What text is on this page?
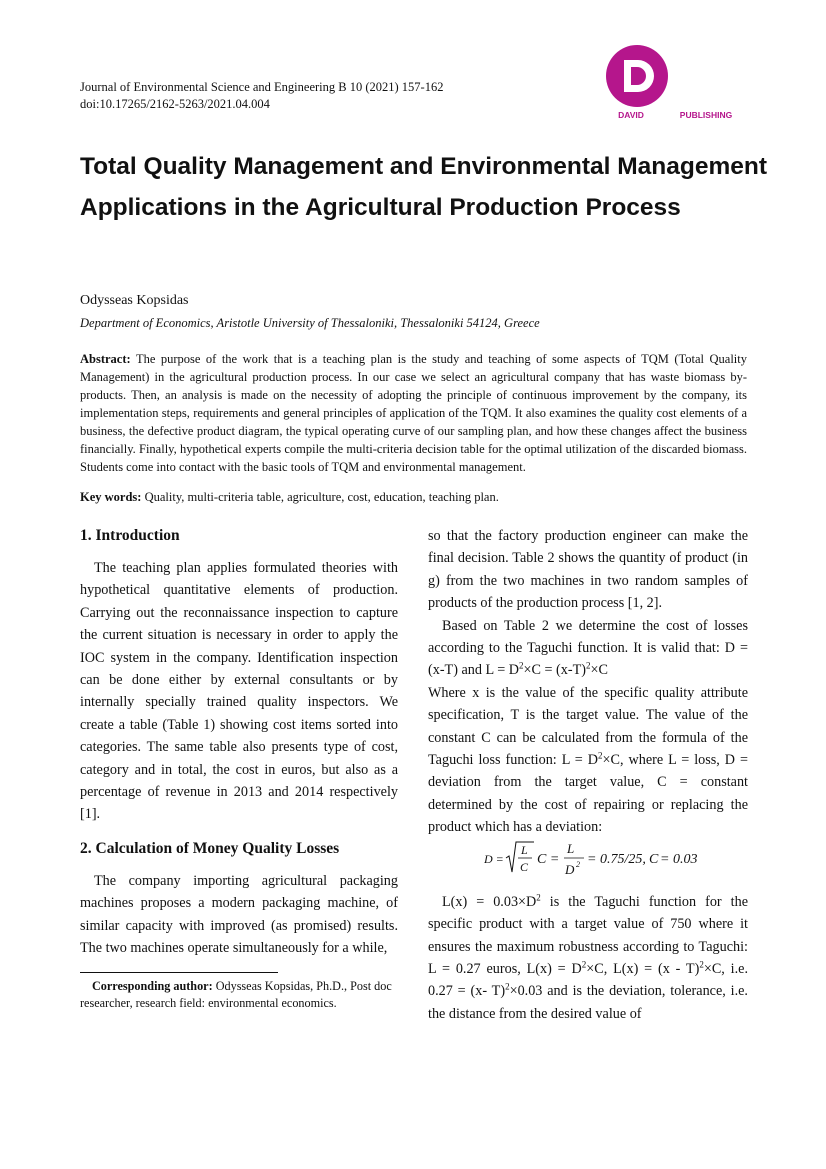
Journal of Environmental Science and Engineering B 10 (2021) 157-162
doi:10.17265/2162-5263/2021.04.004
DAVID	PUBLISHING
Total Quality Management and Environmental Management Applications in the Agricultural Production Process
Odysseas Kopsidas
Department of Economics, Aristotle University of Thessaloniki, Thessaloniki 54124, Greece
Abstract: The purpose of the work that is a teaching plan is the study and teaching of some aspects of TQM (Total Quality Management) in the agricultural production process. In our case we select an agricultural company that has waste biomass by-products. Then, an analysis is made on the necessity of adopting the principle of continuous improvement by the company, its implementation steps, requirements and general principles of application of the TQM. It also examines the quality cost elements of a business, the defective product diagram, the typical operating curve of our sampling plan, and how these changes affect the business financially. Finally, hypothetical experts compile the multi-criteria decision table for the optimal utilization of the discarded biomass. Students come into contact with the basic tools of TQM and environmental management.
Key words: Quality, multi-criteria table, agriculture, cost, education, teaching plan.
1. Introduction

The teaching plan applies formulated theories with hypothetical quantitative elements of production. Carrying out the reconnaissance inspection to capture the current situation is necessary in order to apply the IOC system in the company. Identification inspection can be done either by external consultants or by internally specially trained quality inspectors. We create a table (Table 1) showing cost items sorted into categories. The same table also presents type of cost, category and in total, the cost in euros, but also as a percentage of revenue in 2013 and 2014 respectively [1].

2. Calculation of Money Quality Losses

The company importing agricultural packaging machines proposes a modern packaging machine, of similar capacity with improved (as promised) results. The two machines operate simultaneously for a while,

so that the factory production engineer can make the final decision. Table 2 shows the quantity of product (in g) from the two machines in two random samples of products of the production process [1, 2].

Based on Table 2 we determine the cost of losses according to the Taguchi function. It is valid that: D = (x-T) and $L = D^2\times C = (x-T)^2\times C$

Where x is the value of the specific quality attribute specification, T is the target value. The value of the constant C can be calculated from the formula of the Taguchi loss function: $L = D^2\times C$, where L = loss, D = deviation from the target value, C = constant determined by the cost of repairing or replacing the product which has a deviation:

$L(x) = 0.03\times D^2$ is the Taguchi function for the specific product with a target value of 750 where it ensures the maximum robustness according to Taguchi: L = 0.27 euros, $L(x) = D^2\times C$, L(x) = (x - T)$^2$×C, i.e. 0.27 = (x- T)$^2$×0.03 and is the deviation, tolerance, i.e. the distance from the desired value of

D =
L
C C =
L
D 2 = 0.75/25, C = 0.03
Corresponding author: Odysseas Kopsidas, Ph.D., Post doc researcher, research field: environmental economics.
